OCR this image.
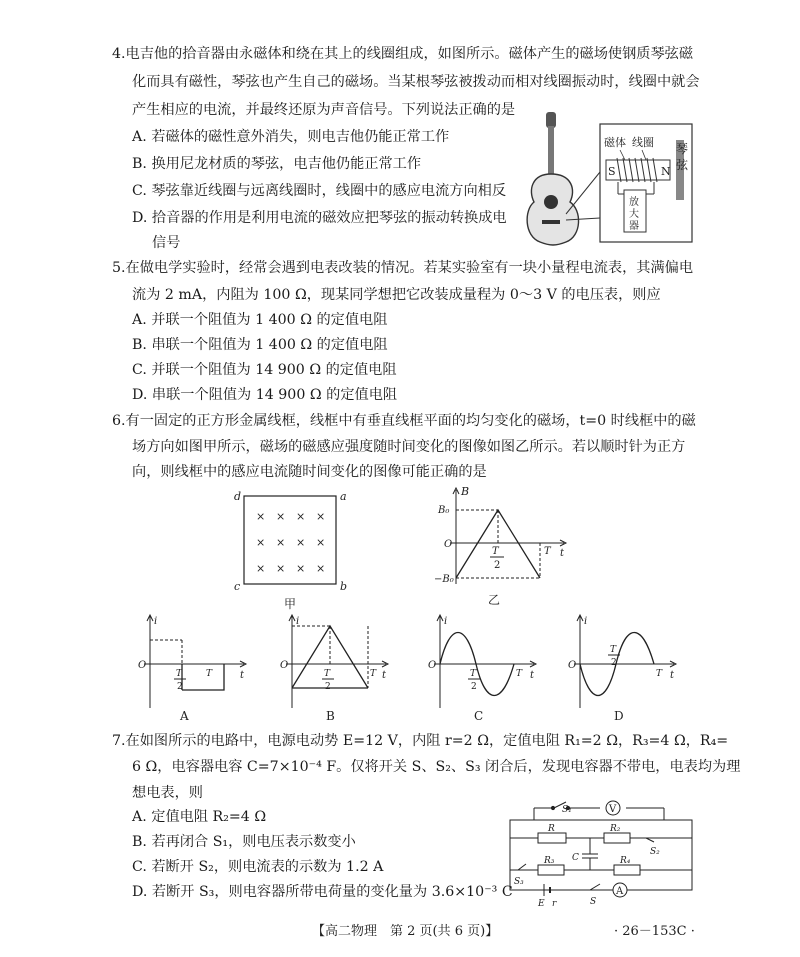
4.电吉他的拾音器由永磁体和绕在其上的线圈组成，如图所示。磁体产生的磁场使钢质琴弦磁
化而具有磁性，琴弦也产生自己的磁场。当某根琴弦被拨动而相对线圈振动时，线圈中就会
产生相应的电流，并最终还原为声音信号。下列说法正确的是
A. 若磁体的磁性意外消失，则电吉他仍能正常工作
B. 换用尼龙材质的琴弦，电吉他仍能正常工作
C. 琴弦靠近线圈与远离线圈时，线圈中的感应电流方向相反
D. 拾音器的作用是利用电流的磁效应把琴弦的振动转换成电
信号
磁体 线圈
S	N
放
大
器
琴
弦
5.在做电学实验时，经常会遇到电表改装的情况。若某实验室有一块小量程电流表，其满偏电
流为 2 mA，内阻为 100 Ω，现某同学想把它改装成量程为 0～3 V 的电压表，则应
A. 并联一个阻值为 1 400 Ω 的定值电阻
B. 串联一个阻值为 1 400 Ω 的定值电阻
C. 并联一个阻值为 14 900 Ω 的定值电阻
D. 串联一个阻值为 14 900 Ω 的定值电阻
6.有一固定的正方形金属线框，线框中有垂直线框平面的均匀变化的磁场，t=0 时线框中的磁
场方向如图甲所示，磁场的磁感应强度随时间变化的图像如图乙所示。若以顺时针为正方
向，则线框中的感应电流随时间变化的图像可能正确的是
d	a
c	b
× × × ×
× × × ×
× × × ×
甲
B
B₀
−B₀
O
t
T
2
T
乙
i
O
t
T
2
T
A
i
O
t
T
2
T
B
i
O
t
T
2
T
C
i
O
t
T
2
T
D
7.在如图所示的电路中，电源电动势 E=12 V，内阻 r=2 Ω，定值电阻 R₁=2 Ω，R₃=4 Ω，R₄=
6 Ω，电容器电容 C=7×10⁻⁴ F。仅将开关 S、S₂、S₃ 闭合后，发现电容器不带电，电表均为理
想电表，则
A. 定值电阻 R₂=4 Ω
B. 若再闭合 S₁，则电压表示数变小
C. 若断开 S₂，则电流表的示数为 1.2 A
D. 若断开 S₃，则电容器所带电荷量的变化量为 3.6×10⁻³ C
V
A
S₁
R	R₂
S₂
C
R₃	R₄
S₃
E r	S
【高二物理　第 2 页(共 6 页)】	· 26－153C ·
